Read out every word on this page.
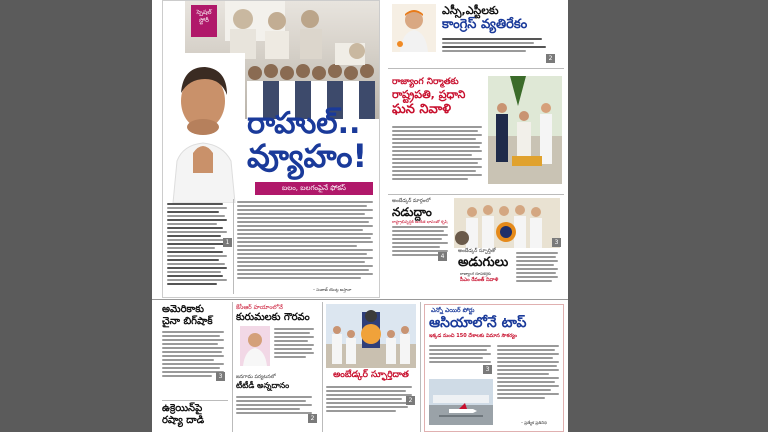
స్పెషల్
స్టోరీ
రాహుల్..
వ్యూహం!
బలం, బలగంపైనే ఫోకస్
1
– సుజాత్ యొట్ల అస్తానా
ఎస్సీ,ఎస్టీలకు
కాంగ్రెస్ వ్యతిరేకం
2
రాజ్యాంగ నిర్మాతకు
రాష్ట్రపతి, ప్రధాని
ఘన నివాళి
అంబేడ్కర్ మార్గంలో
నడుద్దాం
రాష్ట్రాభివృద్ధికి అంకిత భావంతో కృషి
4
అంబేడ్కర్ స్ఫూర్తితో
అడుగులు
రాజ్యాంగ రూపకర్తకు
సీఎం రేవంత్ నివాళి
3
అమెరికాకు
చైనా బిగ్‌షాక్
3
ఉక్రెయిన్‌పై
రష్యా దాడి
కేసీఆర్ హయాంలోనే
కురుమలకు గౌరవం
జనగామ పర్యటనలో
టీటీడీ అన్నదానం
2
అంబేడ్కర్ స్ఫూర్తిదాత
2
ఎన్నో ఎయిర్ పోర్టు
ఆసియాలోనే టాప్
ఇక్కడ నుంచి 150 దేశాలకు విమాన సౌకర్యం
– ప్రత్యేక ప్రతినిధి
3
